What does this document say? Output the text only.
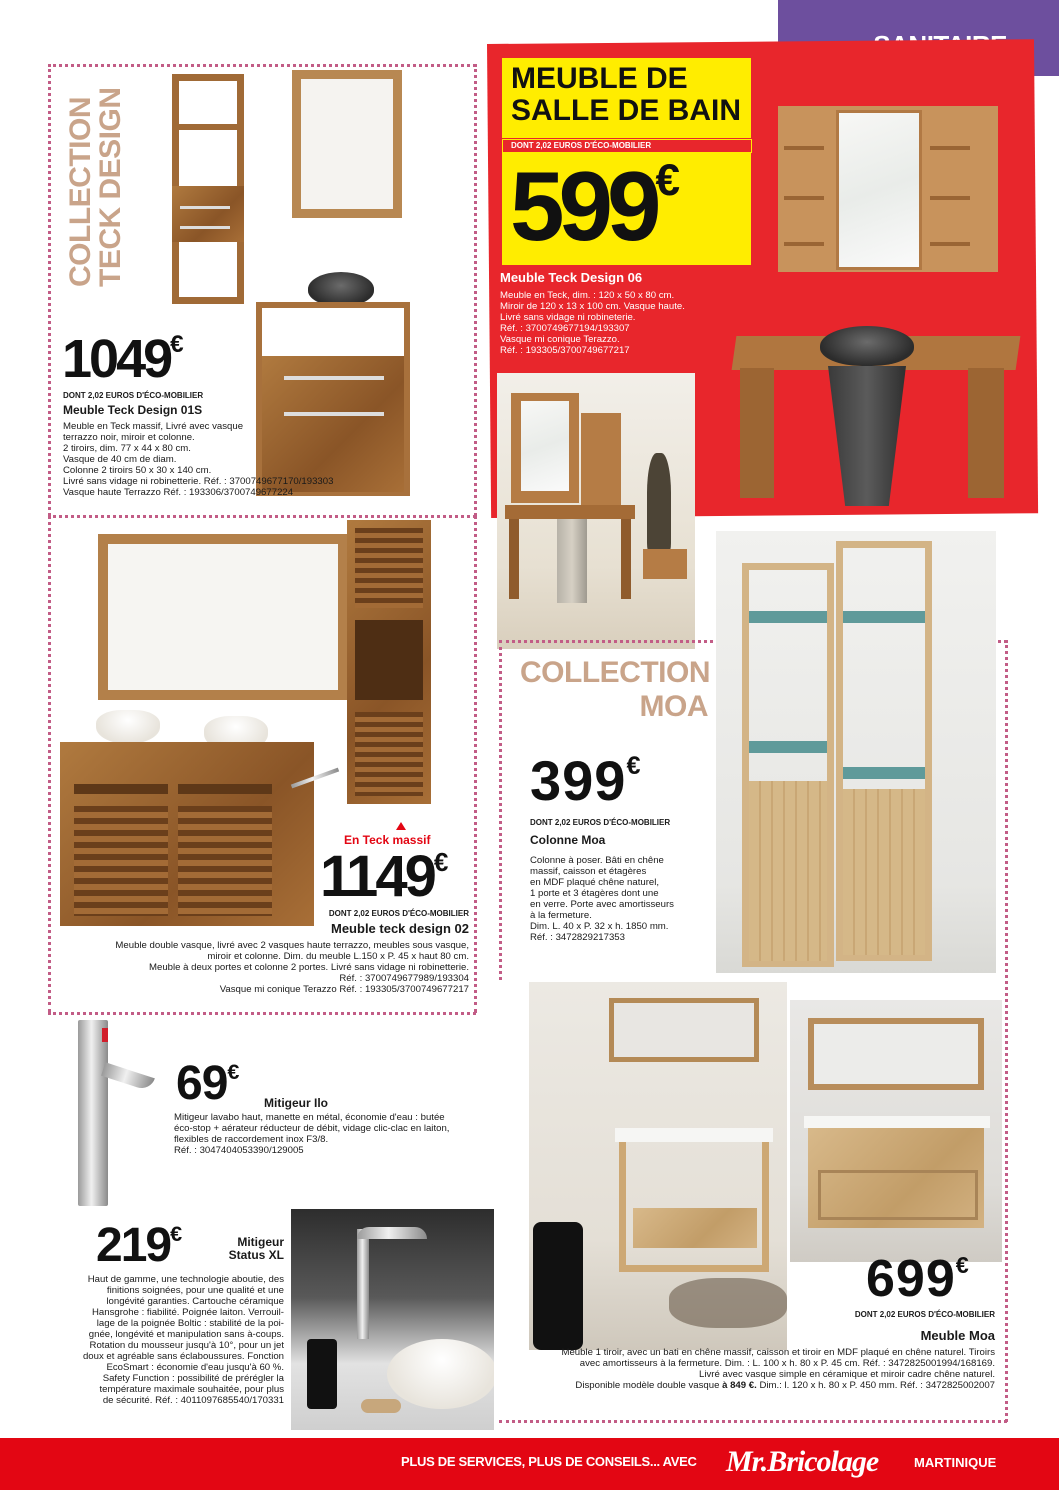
MEUBLE DE
SALLE DE BAIN
DONT 2,02 EUROS D'ÉCO-MOBILIER
599€
Meuble Teck Design 06
Meuble en Teck, dim. : 120 x 50 x 80 cm.
Miroir de 120 x 13 x 100 cm. Vasque haute.
Livré sans vidage ni robineterie.
Réf. : 3700749677194/193307
Vasque mi conique Terazzo.
Réf. : 193305/3700749677217
COLLECTION
TECK DESIGN
1049€
DONT 2,02 EUROS D'ÉCO-MOBILIER
Meuble Teck Design 01S
Meuble en Teck massif, Livré avec vasque
terrazzo noir, miroir et colonne.
2 tiroirs, dim. 77 x 44 x 80 cm.
Vasque de 40 cm de diam.
Colonne 2 tiroirs 50 x 30 x 140 cm.
Livré sans vidage ni robinetterie. Réf. : 3700749677170/193303
Vasque haute Terrazzo Réf. : 193306/3700749677224
En Teck massif
1149€
DONT 2,02 EUROS D'ÉCO-MOBILIER
Meuble teck design 02
Meuble double vasque, livré avec 2 vasques haute terrazzo, meubles sous vasque,
miroir et colonne. Dim. du meuble L.150 x P. 45 x haut 80 cm.
Meuble à deux portes et colonne 2 portes. Livré sans vidage ni robinetterie.
Réf. : 3700749677989/193304
Vasque mi conique Terazzo Réf. : 193305/3700749677217
COLLECTION
MOA
399€
DONT 2,02 EUROS D'ÉCO-MOBILIER
Colonne Moa
Colonne à poser. Bâti en chêne
massif, caisson et étagères
en MDF plaqué chêne naturel,
1 porte et 3 étagères dont une
en verre. Porte avec amortisseurs
à la fermeture.
Dim. L. 40 x P. 32 x h. 1850 mm.
Réf. : 3472829217353
69€
Mitigeur Ilo
Mitigeur lavabo haut, manette en métal, économie d'eau : butée
éco-stop + aérateur réducteur de débit, vidage clic-clac en laiton,
flexibles de raccordement inox F3/8.
Réf. : 3047404053390/129005
219€	Mitigeur
Status XL
Haut de gamme, une technologie aboutie, des
finitions soignées, pour une qualité et une
longévité garanties. Cartouche céramique
Hansgrohe : fiabilité. Poignée laiton. Verrouil-
lage de la poignée Boltic : stabilité de la poi-
gnée, longévité et manipulation sans à-coups.
Rotation du mousseur jusqu'à 10°, pour un jet
doux et agréable sans éclaboussures. Fonction
EcoSmart : économie d'eau jusqu'à 60 %.
Safety Function : possibilité de prérégler la
température maximale souhaitée, pour plus
de sécurité. Réf. : 4011097685540/170331
699€
DONT 2,02 EUROS D'ÉCO-MOBILIER
Meuble Moa
Meuble 1 tiroir, avec un bati en chêne massif, caisson et tiroir en MDF plaqué en chêne naturel. Tiroirs
avec amortisseurs à la fermeture. Dim. : L. 100 x h. 80 x P. 45 cm. Réf. : 3472825001994/168169.
Livré avec vasque simple en céramique et miroir cadre chêne naturel.
Disponible modèle double vasque à 849 €. Dim.: l. 120 x h. 80 x P. 450 mm. Réf. : 3472825002007
PLUS DE SERVICES, PLUS DE CONSEILS... AVEC Mr.Bricolage	MARTINIQUE
